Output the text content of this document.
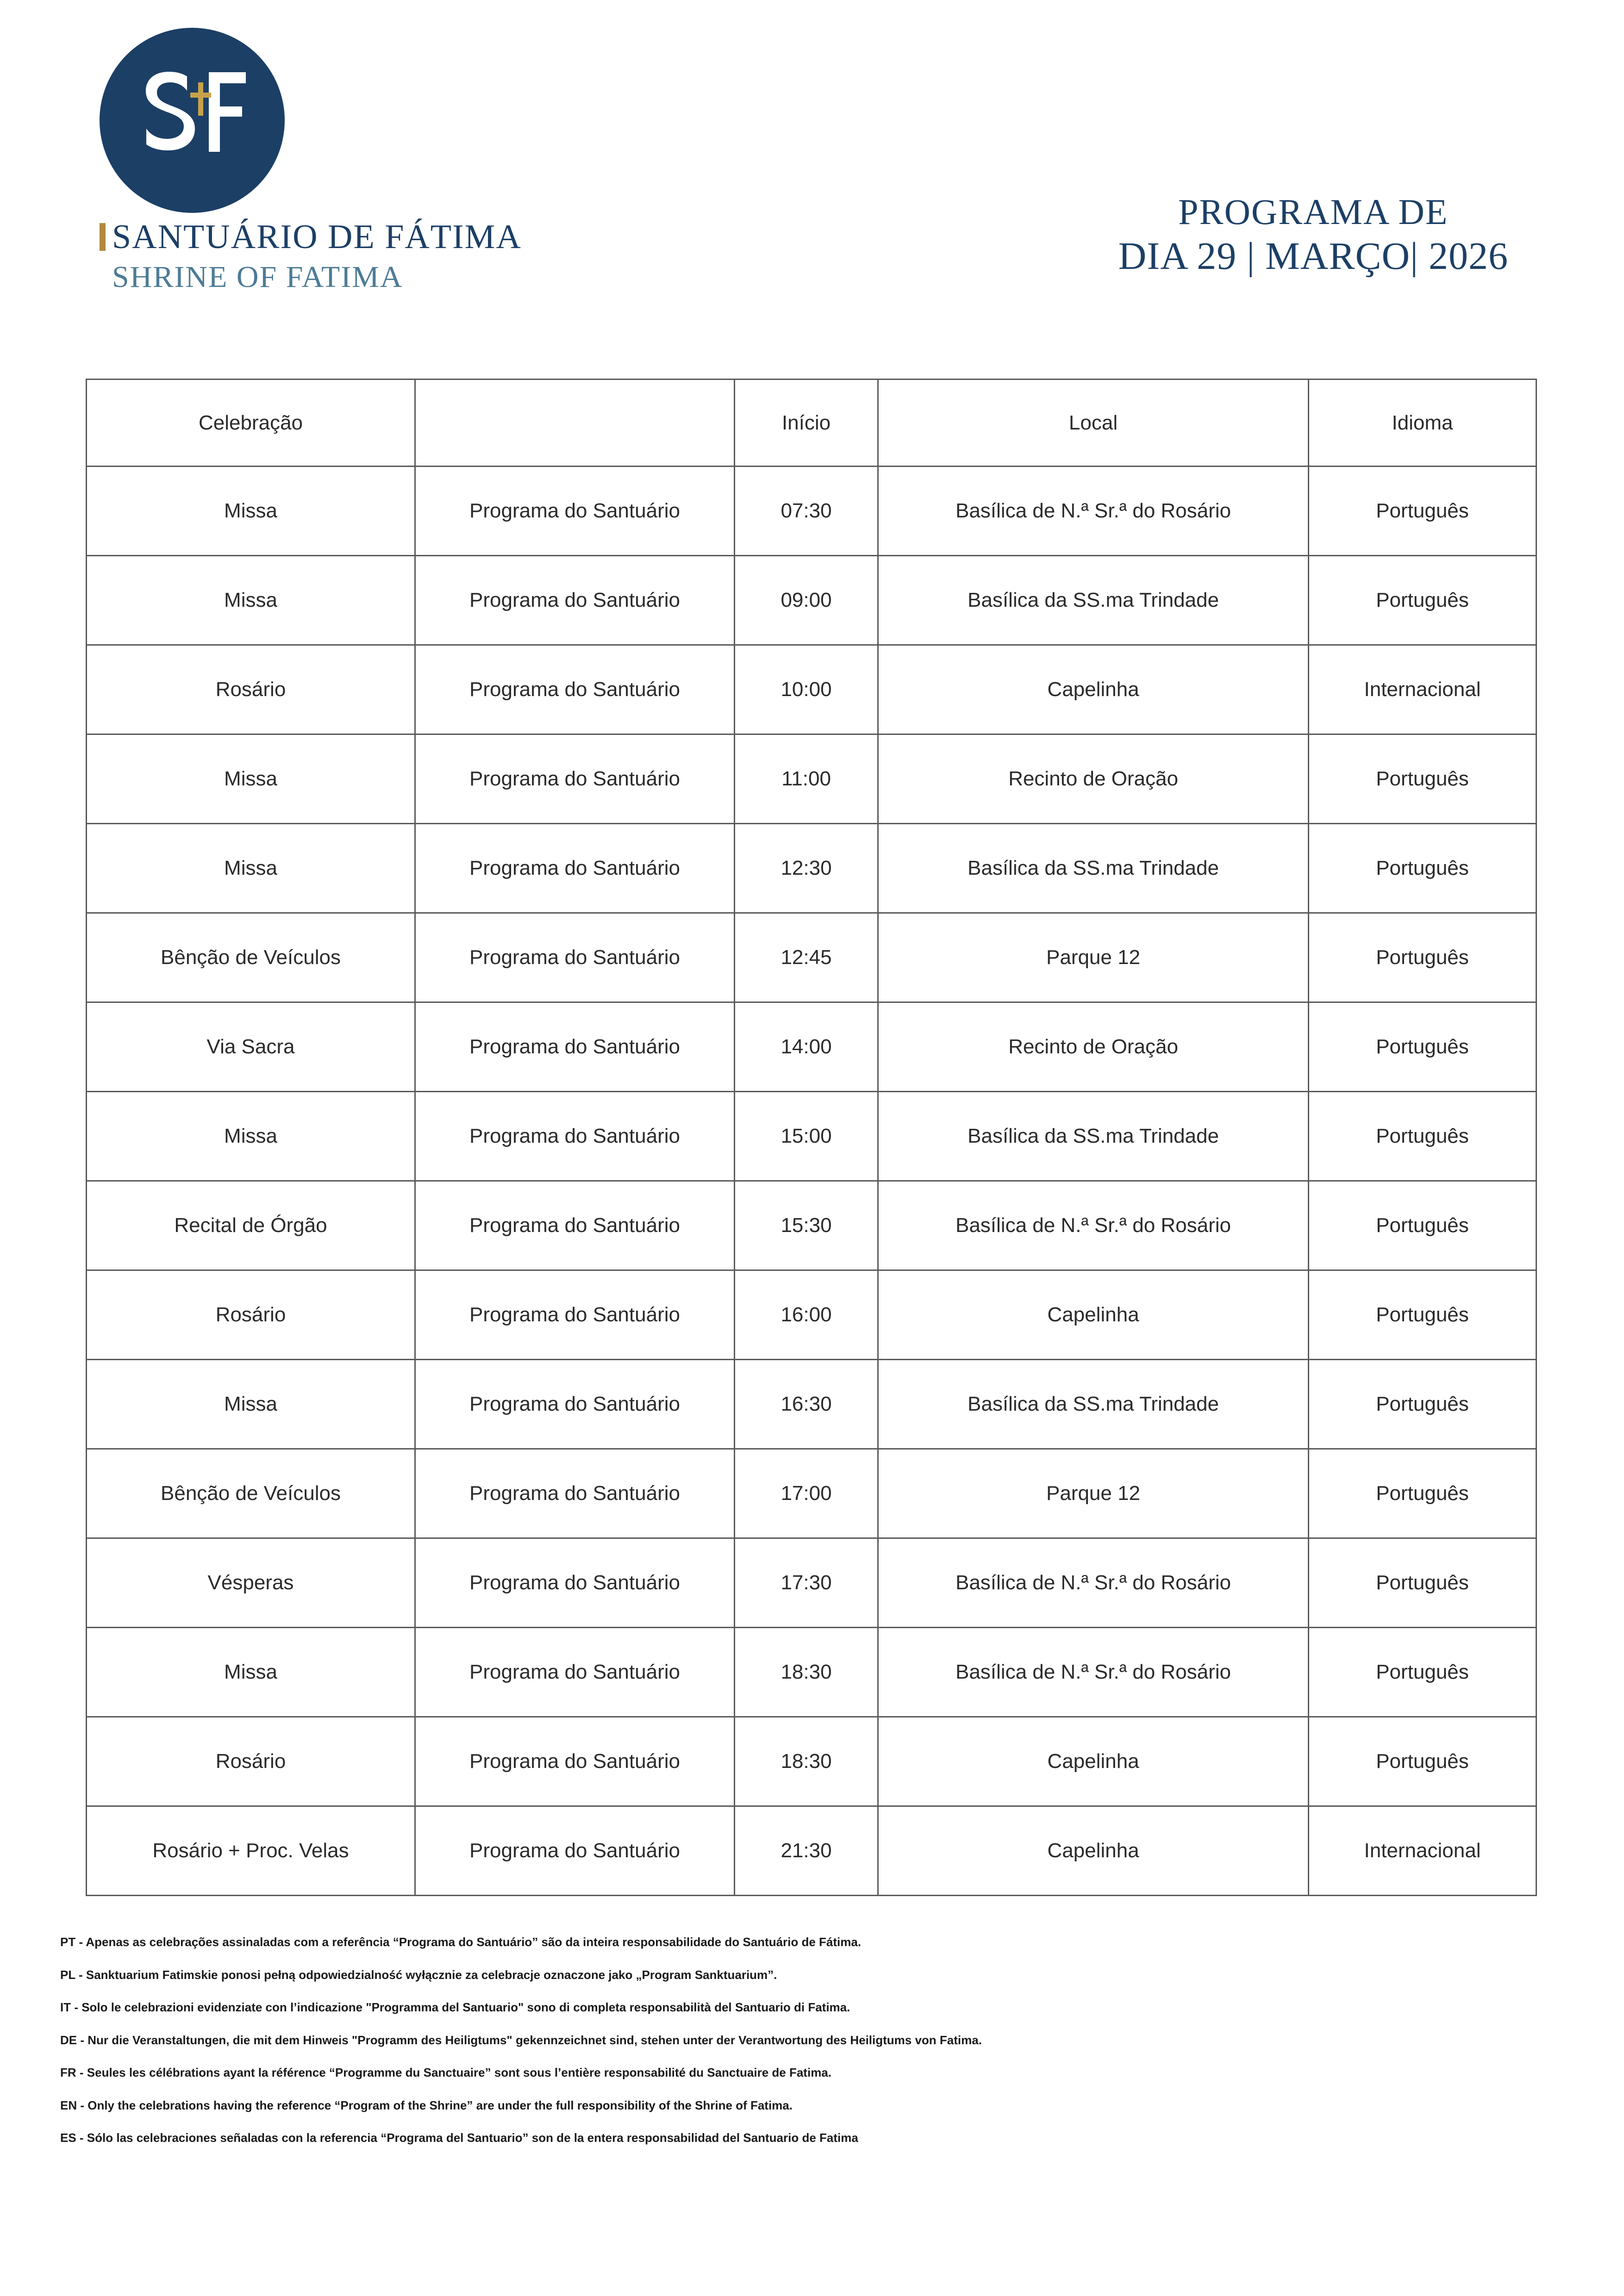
SANTUÁRIO DE FÁTIMA
SHRINE OF FATIMA
PROGRAMA DE
DIA 29 | MARÇO| 2026
Celebração		Início	Local	Idioma
Missa	Programa do Santuário	07:30	Basílica de N.ª Sr.ª do Rosário	Português
Missa	Programa do Santuário	09:00	Basílica da SS.ma Trindade	Português
Rosário	Programa do Santuário	10:00	Capelinha	Internacional
Missa	Programa do Santuário	11:00	Recinto de Oração	Português
Missa	Programa do Santuário	12:30	Basílica da SS.ma Trindade	Português
Bênção de Veículos	Programa do Santuário	12:45	Parque 12	Português
Via Sacra	Programa do Santuário	14:00	Recinto de Oração	Português
Missa	Programa do Santuário	15:00	Basílica da SS.ma Trindade	Português
Recital de Órgão	Programa do Santuário	15:30	Basílica de N.ª Sr.ª do Rosário	Português
Rosário	Programa do Santuário	16:00	Capelinha	Português
Missa	Programa do Santuário	16:30	Basílica da SS.ma Trindade	Português
Bênção de Veículos	Programa do Santuário	17:00	Parque 12	Português
Vésperas	Programa do Santuário	17:30	Basílica de N.ª Sr.ª do Rosário	Português
Missa	Programa do Santuário	18:30	Basílica de N.ª Sr.ª do Rosário	Português
Rosário	Programa do Santuário	18:30	Capelinha	Português
Rosário + Proc. Velas	Programa do Santuário	21:30	Capelinha	Internacional

PT - Apenas as celebrações assinaladas com a referência “Programa do Santuário” são da inteira responsabilidade do Santuário de Fátima.

PL - Sanktuarium Fatimskie ponosi pełną odpowiedzialność wyłącznie za celebracje oznaczone jako „Program Sanktuarium”.

IT - Solo le celebrazioni evidenziate con l’indicazione "Programma del Santuario" sono di completa responsabilità del Santuario di Fatima.

DE - Nur die Veranstaltungen, die mit dem Hinweis "Programm des Heiligtums" gekennzeichnet sind, stehen unter der Verantwortung des Heiligtums von Fatima.

FR - Seules les célébrations ayant la référence “Programme du Sanctuaire” sont sous l’entière responsabilité du Sanctuaire de Fatima.

EN - Only the celebrations having the reference “Program of the Shrine” are under the full responsibility of the Shrine of Fatima.

ES - Sólo las celebraciones señaladas con la referencia “Programa del Santuario” son de la entera responsabilidad del Santuario de Fatima
